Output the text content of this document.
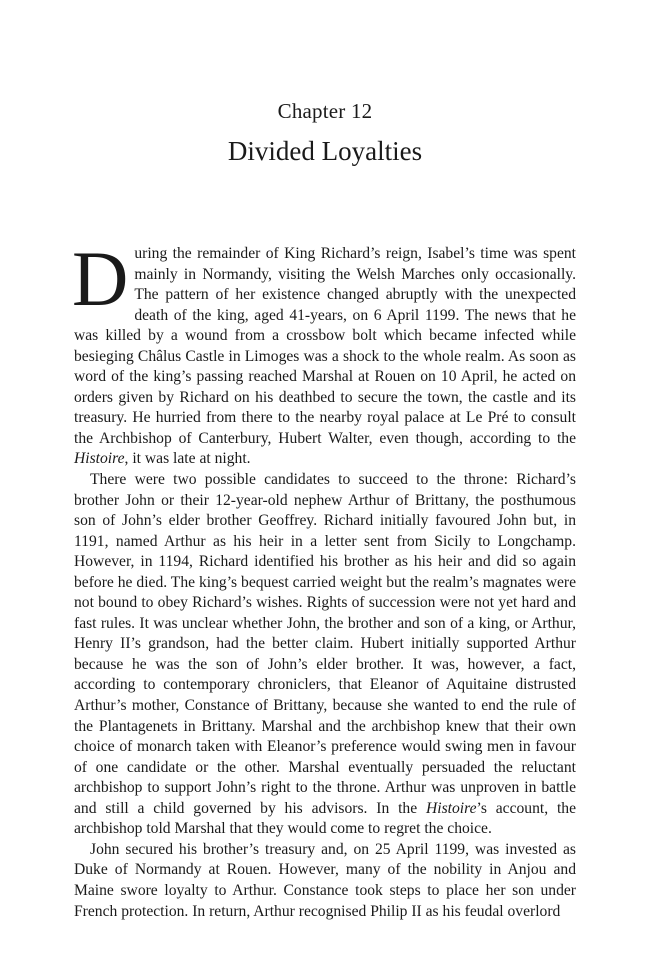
Chapter 12
Divided Loyalties

During the remainder of King Richard’s reign, Isabel’s time was spent mainly in Normandy, visiting the Welsh Marches only occasionally. The pattern of her existence changed abruptly with the unexpected death of the king, aged 41-years, on 6 April 1199. The news that he was killed by a wound from a crossbow bolt which became infected while besieging Châlus Castle in Limoges was a shock to the whole realm. As soon as word of the king’s passing reached Marshal at Rouen on 10 April, he acted on orders given by Richard on his deathbed to secure the town, the castle and its treasury. He hurried from there to the nearby royal palace at Le Pré to consult the Archbishop of Canterbury, Hubert Walter, even though, according to the Histoire, it was late at night.

There were two possible candidates to succeed to the throne: Richard’s brother John or their 12-year-old nephew Arthur of Brittany, the posthumous son of John’s elder brother Geoffrey. Richard initially favoured John but, in 1191, named Arthur as his heir in a letter sent from Sicily to Longchamp. However, in 1194, Richard identified his brother as his heir and did so again before he died. The king’s bequest carried weight but the realm’s magnates were not bound to obey Richard’s wishes. Rights of succession were not yet hard and fast rules. It was unclear whether John, the brother and son of a king, or Arthur, Henry II’s grandson, had the better claim. Hubert initially supported Arthur because he was the son of John’s elder brother. It was, however, a fact, according to contemporary chroniclers, that Eleanor of Aquitaine distrusted Arthur’s mother, Constance of Brittany, because she wanted to end the rule of the Plantagenets in Brittany. Marshal and the archbishop knew that their own choice of monarch taken with Eleanor’s preference would swing men in favour of one candidate or the other. Marshal eventually persuaded the reluctant archbishop to support John’s right to the throne. Arthur was unproven in battle and still a child governed by his advisors. In the Histoire’s account, the archbishop told Marshal that they would come to regret the choice.

John secured his brother’s treasury and, on 25 April 1199, was invested as Duke of Normandy at Rouen. However, many of the nobility in Anjou and Maine swore loyalty to Arthur. Constance took steps to place her son under French protection. In return, Arthur recognised Philip II as his feudal overlord
